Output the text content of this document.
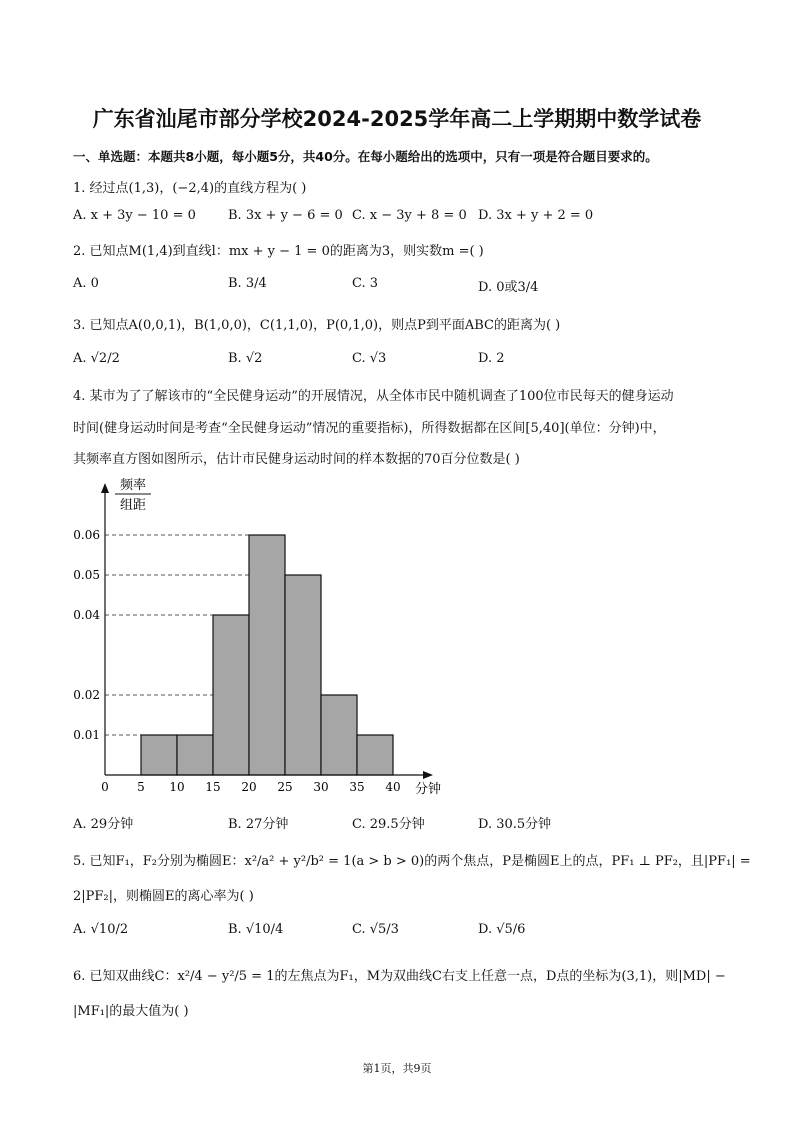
广东省汕尾市部分学校2024-2025学年高二上学期期中数学试卷
一、单选题：本题共8小题，每小题5分，共40分。在每小题给出的选项中，只有一项是符合题目要求的。
1. 经过点(1,3)，(−2,4)的直线方程为( )
A. x + 3y − 10 = 0 B. 3x + y − 6 = 0 C. x − 3y + 8 = 0 D. 3x + y + 2 = 0
2. 已知点M(1,4)到直线l：mx + y − 1 = 0的距离为3，则实数m =( )
A. 0	B. 3/4	C. 3	D. 0或3/4
3. 已知点A(0,0,1)，B(1,0,0)，C(1,1,0)，P(0,1,0)，则点P到平面ABC的距离为( )
A. √2/2	B. √2	C. √3	D. 2
4. 某市为了了解该市的“全民健身运动”的开展情况，从全体市民中随机调查了100位市民每天的健身运动
时间(健身运动时间是考查“全民健身运动”情况的重要指标)，所得数据都在区间[5,40](单位：分钟)中，
其频率直方图如图所示，估计市民健身运动时间的样本数据的70百分位数是( )
0.01
0.02
0.04
0.05
0.06
5 10 15 20 25 30 35 40
0	分钟
频率
组距
A. 29分钟	B. 27分钟	C. 29.5分钟	D. 30.5分钟
5. 已知F₁，F₂分别为椭圆E：x²/a² + y²/b² = 1(a > b > 0)的两个焦点，P是椭圆E上的点，PF₁ ⊥ PF₂，且|PF₁| =
2|PF₂|，则椭圆E的离心率为( )
A. √10/2	B. √10/4	C. √5/3	D. √5/6
6. 已知双曲线C：x²/4 − y²/5 = 1的左焦点为F₁，M为双曲线C右支上任意一点，D点的坐标为(3,1)，则|MD| −
|MF₁|的最大值为( )
第1页，共9页
